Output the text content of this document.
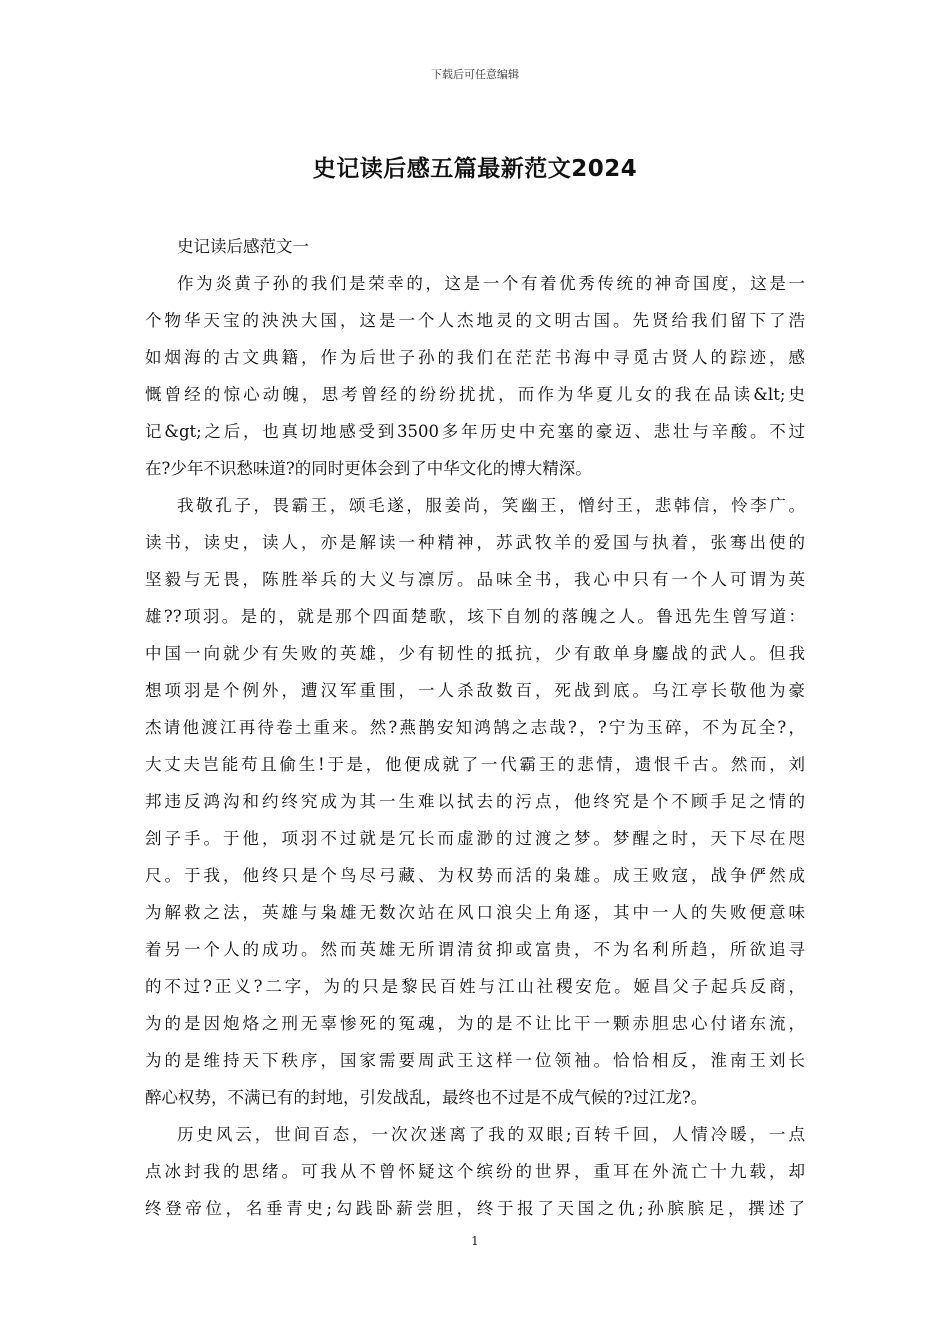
下载后可任意编辑
史记读后感五篇最新范文2024
史记读后感范文一
作为炎黄子孙的我们是荣幸的，这是一个有着优秀传统的神奇国度，这是一
个物华天宝的泱泱大国，这是一个人杰地灵的文明古国。先贤给我们留下了浩
如烟海的古文典籍，作为后世子孙的我们在茫茫书海中寻觅古贤人的踪迹，感
慨曾经的惊心动魄，思考曾经的纷纷扰扰，而作为华夏儿女的我在品读&lt;史
记&gt;之后，也真切地感受到3500多年历史中充塞的豪迈、悲壮与辛酸。不过
在?少年不识愁味道?的同时更体会到了中华文化的博大精深。
我敬孔子，畏霸王，颂毛遂，服姜尚，笑幽王，憎纣王，悲韩信，怜李广。
读书，读史，读人，亦是解读一种精神，苏武牧羊的爱国与执着，张骞出使的
坚毅与无畏，陈胜举兵的大义与凛厉。品味全书，我心中只有一个人可谓为英
雄??项羽。是的，就是那个四面楚歌，垓下自刎的落魄之人。鲁迅先生曾写道：
中国一向就少有失败的英雄，少有韧性的抵抗，少有敢单身鏖战的武人。但我
想项羽是个例外，遭汉军重围，一人杀敌数百，死战到底。乌江亭长敬他为豪
杰请他渡江再待卷土重来。然?燕鹊安知鸿鹄之志哉?，?宁为玉碎，不为瓦全?，
大丈夫岂能苟且偷生!于是，他便成就了一代霸王的悲情，遗恨千古。然而，刘
邦违反鸿沟和约终究成为其一生难以拭去的污点，他终究是个不顾手足之情的
刽子手。于他，项羽不过就是冗长而虚渺的过渡之梦。梦醒之时，天下尽在咫
尺。于我，他终只是个鸟尽弓藏、为权势而活的枭雄。成王败寇，战争俨然成
为解救之法，英雄与枭雄无数次站在风口浪尖上角逐，其中一人的失败便意味
着另一个人的成功。然而英雄无所谓清贫抑或富贵，不为名利所趋，所欲追寻
的不过?正义?二字，为的只是黎民百姓与江山社稷安危。姬昌父子起兵反商，
为的是因炮烙之刑无辜惨死的冤魂，为的是不让比干一颗赤胆忠心付诸东流，
为的是维持天下秩序，国家需要周武王这样一位领袖。恰恰相反，淮南王刘长
醉心权势，不满已有的封地，引发战乱，最终也不过是不成气候的?过江龙?。
历史风云，世间百态，一次次迷离了我的双眼;百转千回，人情冷暖，一点
点冰封我的思绪。可我从不曾怀疑这个缤纷的世界，重耳在外流亡十九载，却
终登帝位，名垂青史;勾践卧薪尝胆，终于报了天国之仇;孙膑膑足，撰述了
1
